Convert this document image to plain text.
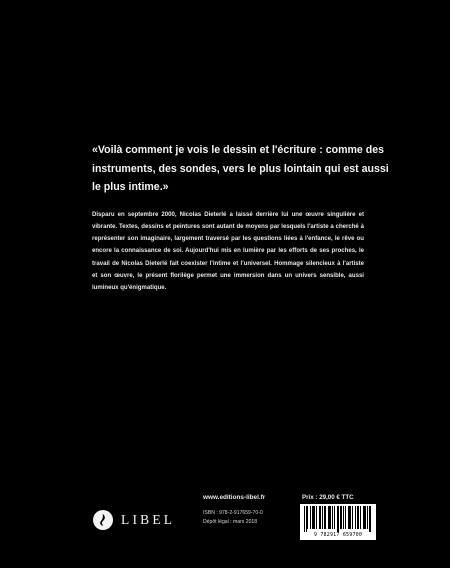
«Voilà comment je vois le dessin et l'écriture : comme des instruments, des sondes, vers le plus lointain qui est aussi le plus intime.»

Disparu en septembre 2000, Nicolas Dieterlé a laissé derrière lui une œuvre singulière et vibrante. Textes, dessins et peintures sont autant de moyens par lesquels l'artiste a cherché à représenter son imaginaire, largement traversé par les questions liées à l'enfance, le rêve ou encore la connaissance de soi. Aujourd'hui mis en lumière par les efforts de ses proches, le travail de Nicolas Dieterlé fait coexister l'intime et l'universel. Hommage silencieux à l'artiste et son œuvre, le présent florilège permet une immersion dans un univers sensible, aussi lumineux qu'énigmatique.

www.editions-libel.fr	Prix : 29,00 € TTC
ISBN : 978-2-917659-70-0
Dépôt légal : mars 2018
LIBEL
9 782917 659700
